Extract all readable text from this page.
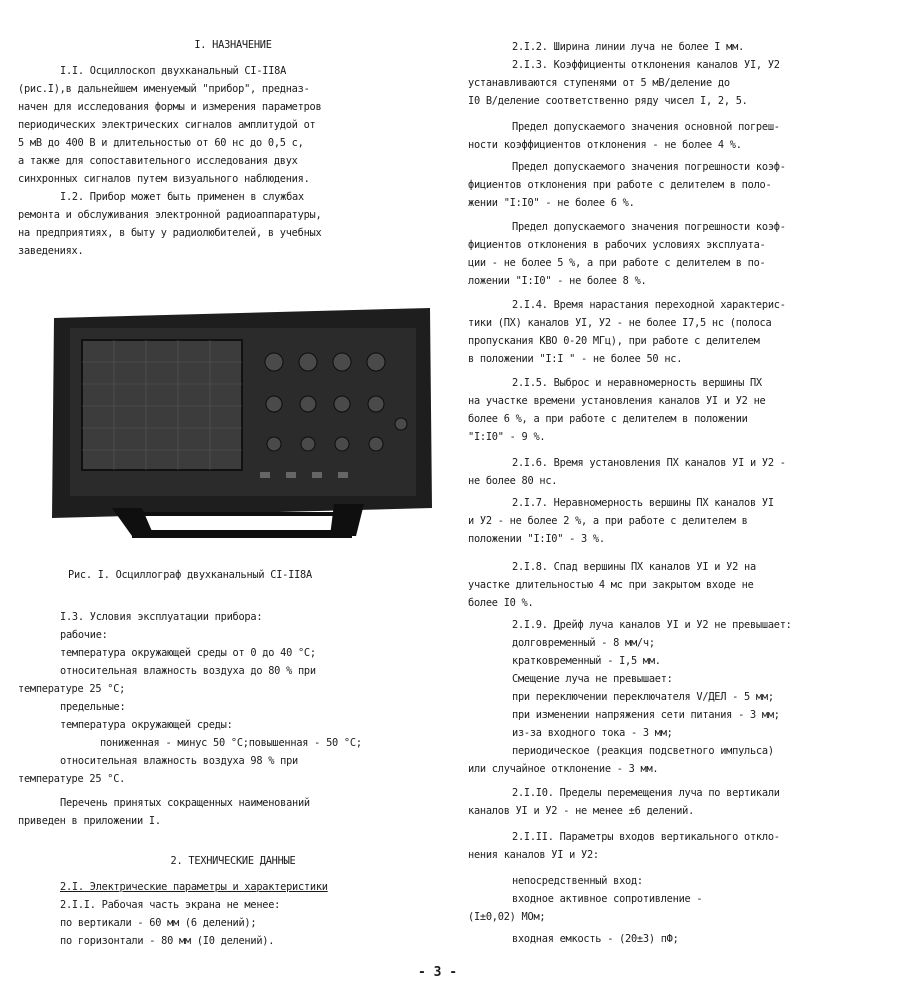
I. НАЗНАЧЕНИЕ
I.I. Осциллоскоп двухканальный CI-II8A
(рис.I),в дальнейшем именуемый "прибор", предназ-
начен для исследования формы и измерения параметров
периодических электрических сигналов амплитудой от
5 мВ до 400 В и длительностью от 60 нс до 0,5 с,
а также для сопоставительного исследования двух
синхронных сигналов путем визуального наблюдения.
I.2. Прибор может быть применен в службах
ремонта и обслуживания электронной радиоаппаратуры,
на предприятиях, в быту у радиолюбителей, в учебных
заведениях.
Рис. I. Осциллограф двухканальный CI-II8A
I.3. Условия эксплуатации прибора:
рабочие:
температура окружающей среды от 0 до 40 °C;
относительная влажность воздуха до 80 % при
температуре 25 °C;
предельные:
температура окружающей среды:
пониженная - минус 50 °C;повышенная - 50 °C;
относительная влажность воздуха 98 % при
температуре 25 °C.
Перечень принятых сокращенных наименований
приведен в приложении I.
2. ТЕХНИЧЕСКИЕ ДАННЫЕ
2.I. Электрические параметры и характеристики
2.I.I. Рабочая часть экрана не менее:
по вертикали - 60 мм (6 делений);
по горизонтали - 80 мм (I0 делений).
2.I.2. Ширина линии луча не более I мм.
2.I.3. Коэффициенты отклонения каналов УI, У2
устанавливаются ступенями от 5 мВ/деление до
I0 В/деление соответственно ряду чисел I, 2, 5.
Предел допускаемого значения основной погреш-
ности коэффициентов отклонения - не более 4 %.
Предел допускаемого значения погрешности коэф-
фициентов отклонения при работе с делителем в поло-
жении "I:I0" - не более 6 %.
Предел допускаемого значения погрешности коэф-
фициентов отклонения в рабочих условиях эксплуата-
ции - не более 5 %, а при работе с делителем в по-
ложении "I:I0" - не более 8 %.
2.I.4. Время нарастания переходной характерис-
тики (ПХ) каналов УI, У2 - не более I7,5 нс (полоса
пропускания КВО 0-20 МГц), при работе с делителем
в положении "I:I " - не более 50 нс.
2.I.5. Выброс и неравномерность вершины ПХ
на участке времени установления каналов УI и У2 не
более 6 %, а при работе с делителем в положении
"I:I0" - 9 %.
2.I.6. Время установления ПХ каналов УI и У2 -
не более 80 нс.
2.I.7. Неравномерность вершины ПХ каналов УI
и У2 - не более 2 %, а при работе с делителем в
положении "I:I0" - 3 %.
2.I.8. Спад вершины ПХ каналов УI и У2 на
участке длительностью 4 мс при закрытом входе не
более I0 %.
2.I.9. Дрейф луча каналов УI и У2 не превышает:
долговременный - 8 мм/ч;
кратковременный - I,5 мм.
Смещение луча не превышает:
при переключении переключателя V/ДЕЛ - 5 мм;
при изменении напряжения сети питания - 3 мм;
из-за входного тока - 3 мм;
периодическое (реакция подсветного импульса)
или случайное отклонение - 3 мм.
2.I.I0. Пределы перемещения луча по вертикали
каналов УI и У2 - не менее ±6 делений.
2.I.II. Параметры входов вертикального откло-
нения каналов УI и У2:
непосредственный вход:
входное активное сопротивление -
(I±0,02) МОм;
входная емкость - (20±3) пФ;
- 3 -
